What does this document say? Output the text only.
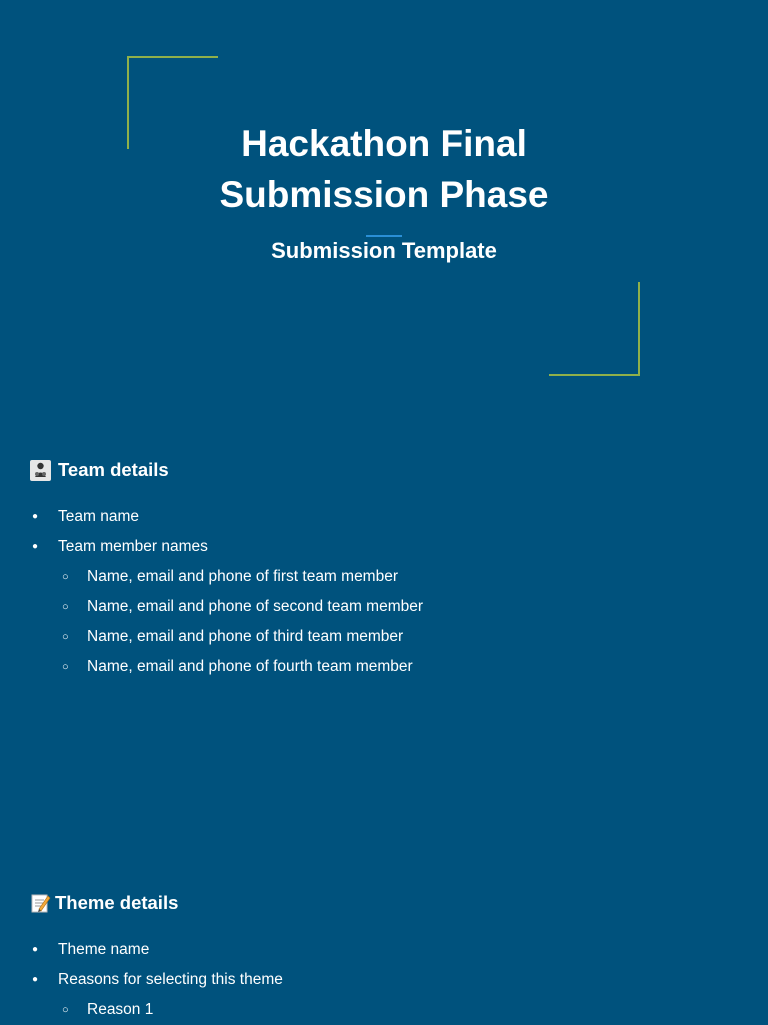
Hackathon Final
Submission Phase
Submission Template
Team details
● Team name
● Team member names
○ Name, email and phone of first team member
○ Name, email and phone of second team member
○ Name, email and phone of third team member
○ Name, email and phone of fourth team member
Theme details
● Theme name
● Reasons for selecting this theme
○ Reason 1
